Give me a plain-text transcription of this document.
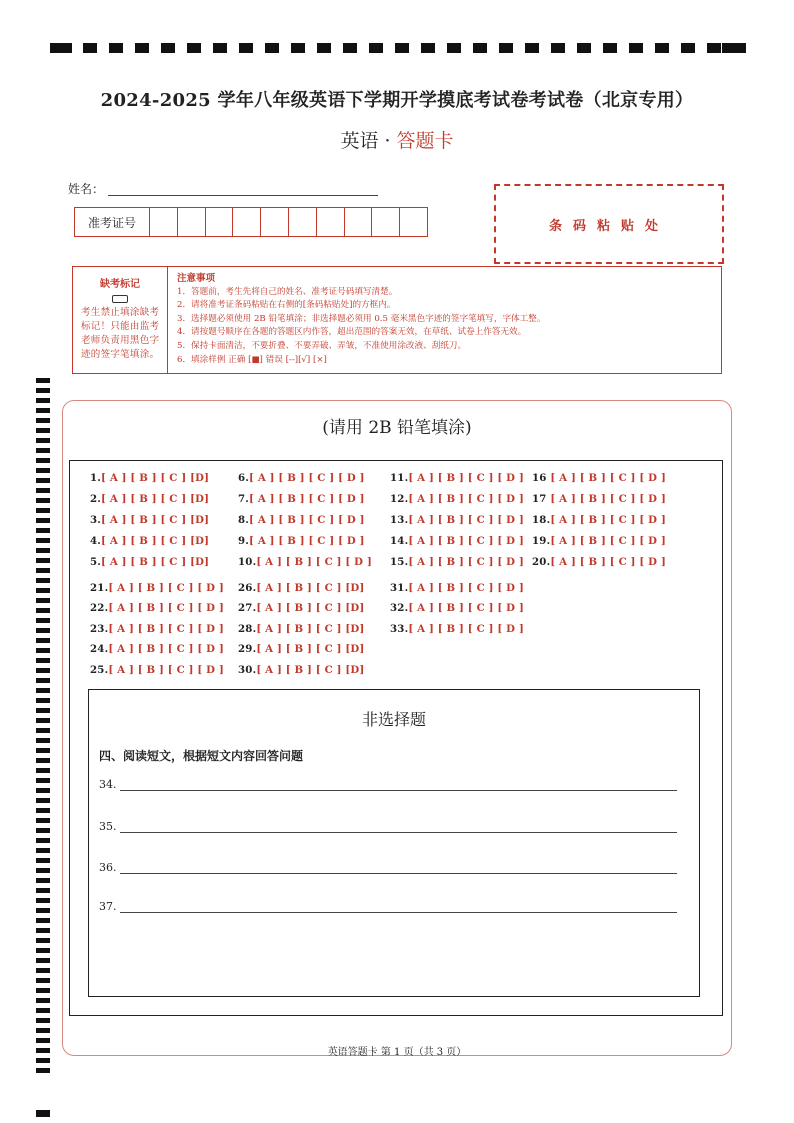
2024-2025 学年八年级英语下学期开学摸底考试卷考试卷（北京专用）
英语 · 答题卡
姓名：
准考证号	条码粘贴处
缺考标记
考生禁止填涂缺考标记！只能由监考老师负责用黑色字迹的签字笔填涂。
注意事项
1．答题前，考生先将自己的姓名、准考证号码填写清楚。
2．请将准考证条码粘贴在右侧的[条码粘贴处]的方框内。
3．选择题必须使用 2B 铅笔填涂；非选择题必须用 0.5 毫米黑色字迹的签字笔填写，字体工整。
4．请按题号顺序在各题的答题区内作答，超出范围的答案无效，在草纸、试卷上作答无效。
5．保持卡面清洁，不要折叠、不要弄破、弄皱，不准使用涂改液、刮纸刀。
6．填涂样例 正确 [■] 错误 [--][√] [×]
(请用 2B 铅笔填涂)
1.[ A ] [ B ] [ C ] [D]
2.[ A ] [ B ] [ C ] [D]
3.[ A ] [ B ] [ C ] [D]
4.[ A ] [ B ] [ C ] [D]
5.[ A ] [ B ] [ C ] [D]
6.[ A ] [ B ] [ C ] [ D ]
7.[ A ] [ B ] [ C ] [ D ]
8.[ A ] [ B ] [ C ] [ D ]
9.[ A ] [ B ] [ C ] [ D ]
10.[ A ] [ B ] [ C ] [ D ]
11.[ A ] [ B ] [ C ] [ D ]
12.[ A ] [ B ] [ C ] [ D ]
13.[ A ] [ B ] [ C ] [ D ]
14.[ A ] [ B ] [ C ] [ D ]
15.[ A ] [ B ] [ C ] [ D ]
16 [ A ] [ B ] [ C ] [ D ]
17 [ A ] [ B ] [ C ] [ D ]
18.[ A ] [ B ] [ C ] [ D ]
19.[ A ] [ B ] [ C ] [ D ]
20.[ A ] [ B ] [ C ] [ D ]
21.[ A ] [ B ] [ C ] [ D ]
22.[ A ] [ B ] [ C ] [ D ]
23.[ A ] [ B ] [ C ] [ D ]
24.[ A ] [ B ] [ C ] [ D ]
25.[ A ] [ B ] [ C ] [ D ]
26.[ A ] [ B ] [ C ] [D]
27.[ A ] [ B ] [ C ] [D]
28.[ A ] [ B ] [ C ] [D]
29.[ A ] [ B ] [ C ] [D]
30.[ A ] [ B ] [ C ] [D]
31.[ A ] [ B ] [ C ] [ D ]
32.[ A ] [ B ] [ C ] [ D ]
33.[ A ] [ B ] [ C ] [ D ]
非选择题
四、阅读短文，根据短文内容回答问题
34.
35.
36.
37.
英语答题卡 第 1 页（共 3 页）
